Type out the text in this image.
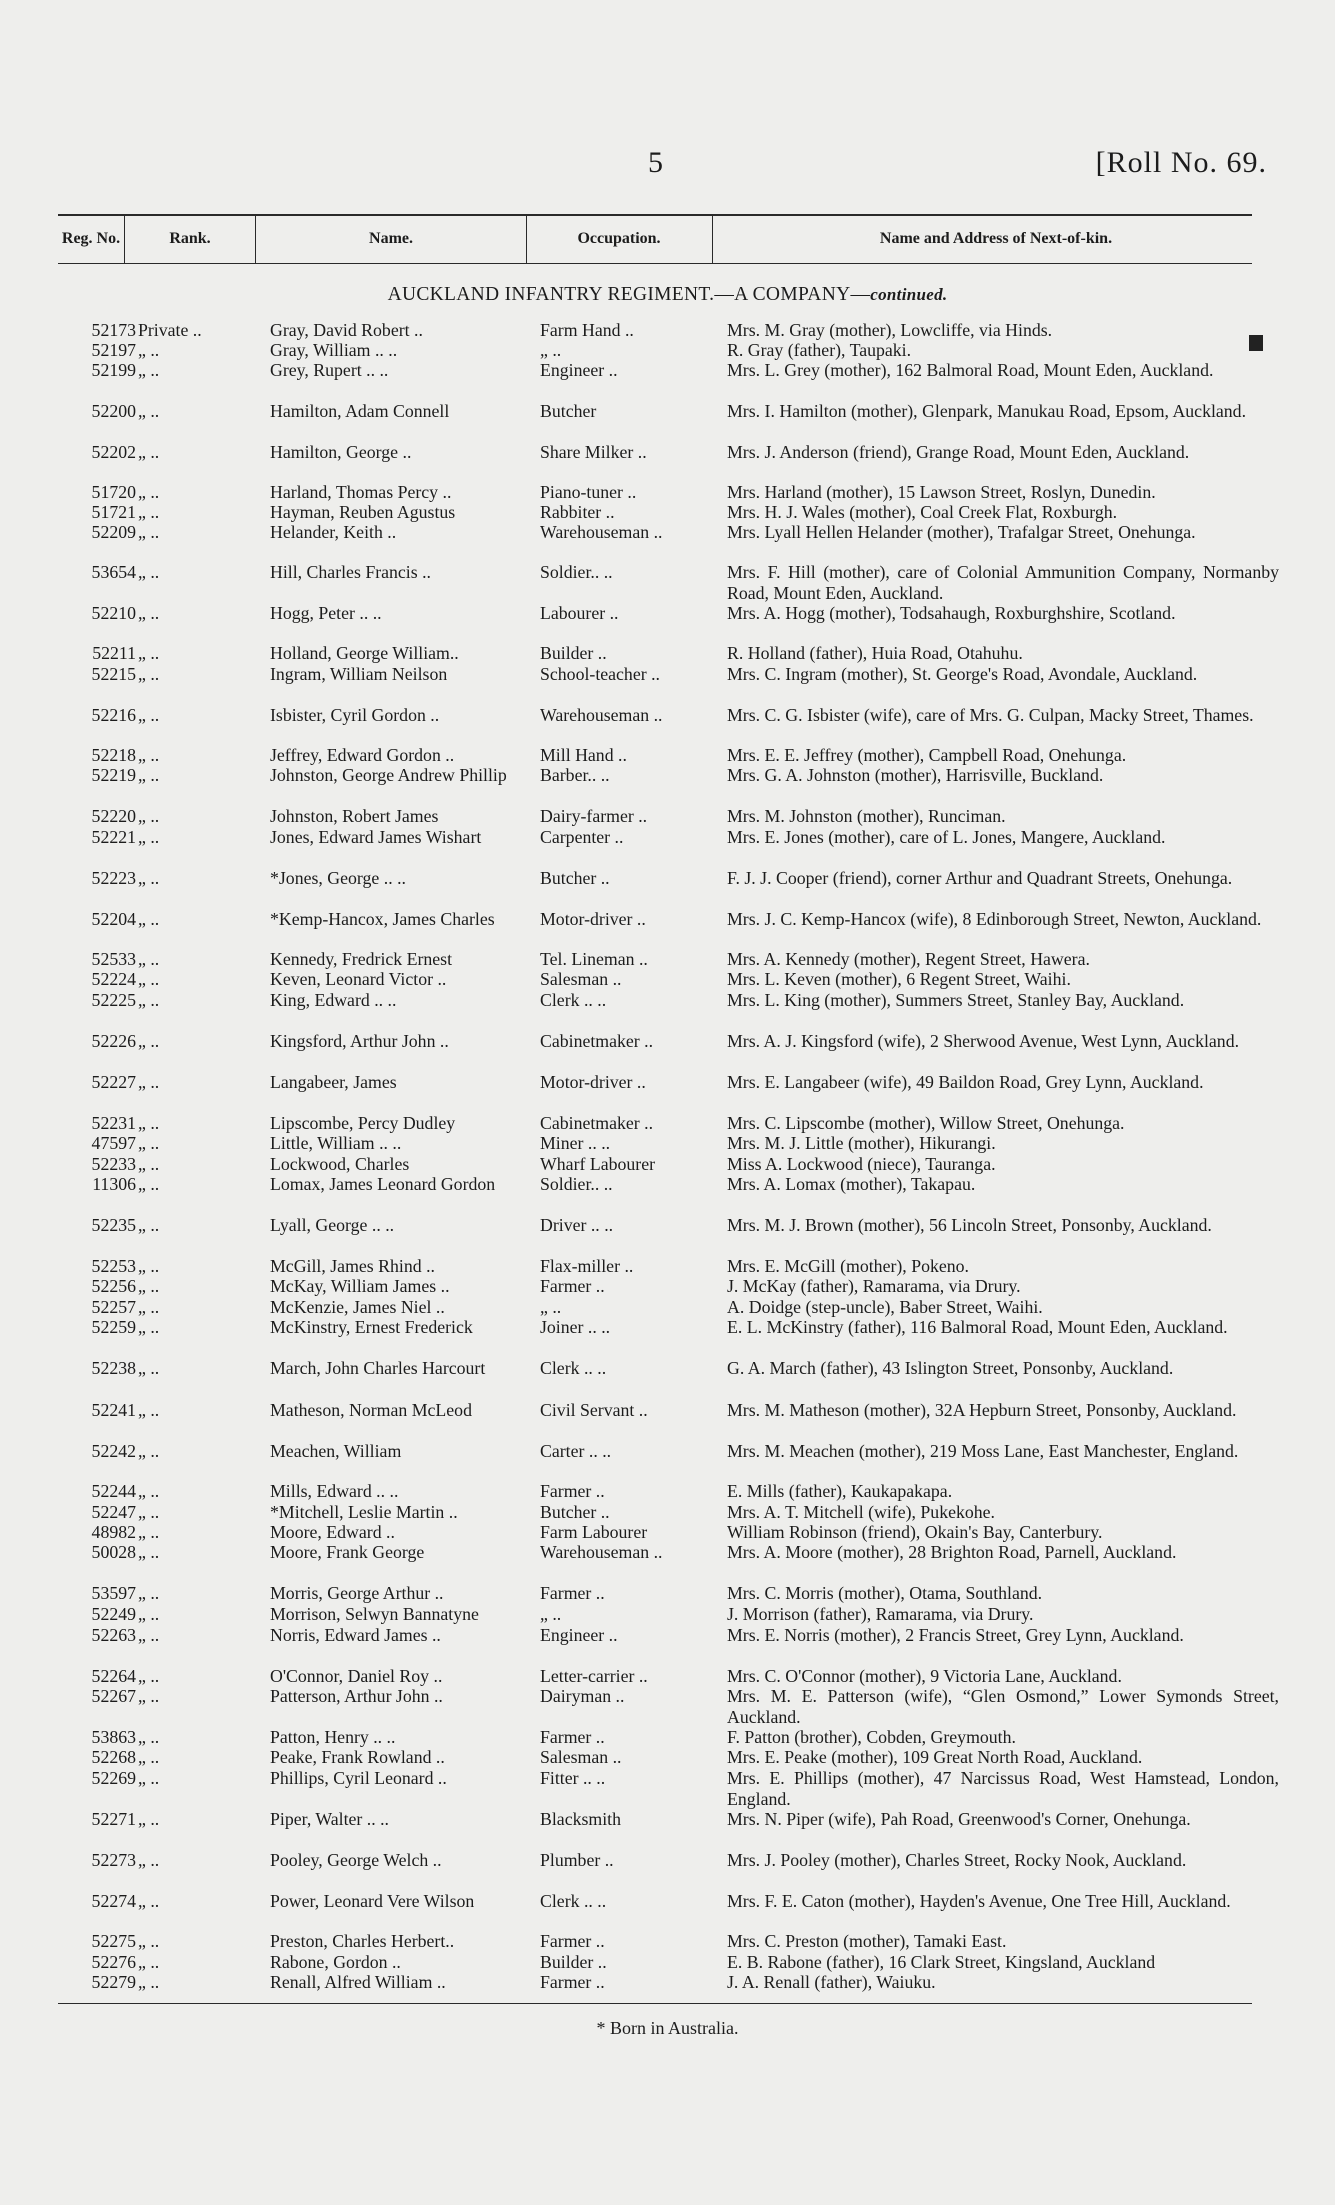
5	[Roll No. 69.
Reg. No.	Rank.	Name.	Occupation.	Name and Address of Next-of-kin.
AUCKLAND INFANTRY REGIMENT.—A COMPANY—continued.
52173 Private ..	Gray, David Robert ..	Farm Hand ..	Mrs. M. Gray (mother), Lowcliffe, via Hinds.
52197 „ ..	Gray, William .. ..	„ ..	R. Gray (father), Taupaki.
52199 „ ..	Grey, Rupert .. ..	Engineer ..	Mrs. L. Grey (mother), 162 Balmoral Road, Mount Eden, Auckland.
52200 „ ..	Hamilton, Adam Connell	Butcher	Mrs. I. Hamilton (mother), Glenpark, Manukau Road, Epsom, Auckland.
52202 „ ..	Hamilton, George ..	Share Milker ..	Mrs. J. Anderson (friend), Grange Road, Mount Eden, Auckland.
51720 „ ..	Harland, Thomas Percy ..	Piano-tuner ..	Mrs. Harland (mother), 15 Lawson Street, Roslyn, Dunedin.
51721 „ ..	Hayman, Reuben Agustus	Rabbiter ..	Mrs. H. J. Wales (mother), Coal Creek Flat, Roxburgh.
52209 „ ..	Helander, Keith ..	Warehouseman ..	Mrs. Lyall Hellen Helander (mother), Trafalgar Street, Onehunga.
53654 „ ..	Hill, Charles Francis ..	Soldier.. ..	Mrs. F. Hill (mother), care of Colonial Ammunition Company, Normanby Road, Mount Eden, Auckland.
52210 „ ..	Hogg, Peter .. ..	Labourer ..	Mrs. A. Hogg (mother), Todsahaugh, Roxburghshire, Scotland.
52211 „ ..	Holland, George William..	Builder ..	R. Holland (father), Huia Road, Otahuhu.
52215 „ ..	Ingram, William Neilson	School-teacher ..	Mrs. C. Ingram (mother), St. George's Road, Avondale, Auckland.
52216 „ ..	Isbister, Cyril Gordon ..	Warehouseman ..	Mrs. C. G. Isbister (wife), care of Mrs. G. Culpan, Macky Street, Thames.
52218 „ ..	Jeffrey, Edward Gordon ..	Mill Hand ..	Mrs. E. E. Jeffrey (mother), Campbell Road, Onehunga.
52219 „ ..	Johnston, George Andrew Phillip	Barber.. ..	Mrs. G. A. Johnston (mother), Harrisville, Buckland.
52220 „ ..	Johnston, Robert James	Dairy-farmer ..	Mrs. M. Johnston (mother), Runciman.
52221 „ ..	Jones, Edward James Wishart	Carpenter ..	Mrs. E. Jones (mother), care of L. Jones, Mangere, Auckland.
52223 „ ..	*Jones, George .. ..	Butcher ..	F. J. J. Cooper (friend), corner Arthur and Quadrant Streets, Onehunga.
52204 „ ..	*Kemp-Hancox, James Charles	Motor-driver ..	Mrs. J. C. Kemp-Hancox (wife), 8 Edinborough Street, Newton, Auckland.
52533 „ ..	Kennedy, Fredrick Ernest	Tel. Lineman ..	Mrs. A. Kennedy (mother), Regent Street, Hawera.
52224 „ ..	Keven, Leonard Victor ..	Salesman ..	Mrs. L. Keven (mother), 6 Regent Street, Waihi.
52225 „ ..	King, Edward .. ..	Clerk .. ..	Mrs. L. King (mother), Summers Street, Stanley Bay, Auckland.
52226 „ ..	Kingsford, Arthur John ..	Cabinetmaker ..	Mrs. A. J. Kingsford (wife), 2 Sherwood Avenue, West Lynn, Auckland.
52227 „ ..	Langabeer, James	Motor-driver ..	Mrs. E. Langabeer (wife), 49 Baildon Road, Grey Lynn, Auckland.
52231 „ ..	Lipscombe, Percy Dudley	Cabinetmaker ..	Mrs. C. Lipscombe (mother), Willow Street, Onehunga.
47597 „ ..	Little, William .. ..	Miner .. ..	Mrs. M. J. Little (mother), Hikurangi.
52233 „ ..	Lockwood, Charles	Wharf Labourer	Miss A. Lockwood (niece), Tauranga.
11306 „ ..	Lomax, James Leonard Gordon	Soldier.. ..	Mrs. A. Lomax (mother), Takapau.
52235 „ ..	Lyall, George .. ..	Driver .. ..	Mrs. M. J. Brown (mother), 56 Lincoln Street, Ponsonby, Auckland.
52253 „ ..	McGill, James Rhind ..	Flax-miller ..	Mrs. E. McGill (mother), Pokeno.
52256 „ ..	McKay, William James ..	Farmer ..	J. McKay (father), Ramarama, via Drury.
52257 „ ..	McKenzie, James Niel ..	„ ..	A. Doidge (step-uncle), Baber Street, Waihi.
52259 „ ..	McKinstry, Ernest Frederick	Joiner .. ..	E. L. McKinstry (father), 116 Balmoral Road, Mount Eden, Auckland.
52238 „ ..	March, John Charles Harcourt	Clerk .. ..	G. A. March (father), 43 Islington Street, Ponsonby, Auckland.
52241 „ ..	Matheson, Norman McLeod	Civil Servant ..	Mrs. M. Matheson (mother), 32A Hepburn Street, Ponsonby, Auckland.
52242 „ ..	Meachen, William	Carter .. ..	Mrs. M. Meachen (mother), 219 Moss Lane, East Manchester, England.
52244 „ ..	Mills, Edward .. ..	Farmer ..	E. Mills (father), Kaukapakapa.
52247 „ ..	*Mitchell, Leslie Martin ..	Butcher ..	Mrs. A. T. Mitchell (wife), Pukekohe.
48982 „ ..	Moore, Edward ..	Farm Labourer	William Robinson (friend), Okain's Bay, Canterbury.
50028 „ ..	Moore, Frank George	Warehouseman ..	Mrs. A. Moore (mother), 28 Brighton Road, Parnell, Auckland.
53597 „ ..	Morris, George Arthur ..	Farmer ..	Mrs. C. Morris (mother), Otama, Southland.
52249 „ ..	Morrison, Selwyn Bannatyne	„ ..	J. Morrison (father), Ramarama, via Drury.
52263 „ ..	Norris, Edward James ..	Engineer ..	Mrs. E. Norris (mother), 2 Francis Street, Grey Lynn, Auckland.
52264 „ ..	O'Connor, Daniel Roy ..	Letter-carrier ..	Mrs. C. O'Connor (mother), 9 Victoria Lane, Auckland.
52267 „ ..	Patterson, Arthur John ..	Dairyman ..	Mrs. M. E. Patterson (wife), “Glen Osmond,” Lower Symonds Street, Auckland.
53863 „ ..	Patton, Henry .. ..	Farmer ..	F. Patton (brother), Cobden, Greymouth.
52268 „ ..	Peake, Frank Rowland ..	Salesman ..	Mrs. E. Peake (mother), 109 Great North Road, Auckland.
52269 „ ..	Phillips, Cyril Leonard ..	Fitter .. ..	Mrs. E. Phillips (mother), 47 Narcissus Road, West Hamstead, London, England.
52271 „ ..	Piper, Walter .. ..	Blacksmith	Mrs. N. Piper (wife), Pah Road, Greenwood's Corner, Onehunga.
52273 „ ..	Pooley, George Welch ..	Plumber ..	Mrs. J. Pooley (mother), Charles Street, Rocky Nook, Auckland.
52274 „ ..	Power, Leonard Vere Wilson	Clerk .. ..	Mrs. F. E. Caton (mother), Hayden's Avenue, One Tree Hill, Auckland.
52275 „ ..	Preston, Charles Herbert..	Farmer ..	Mrs. C. Preston (mother), Tamaki East.
52276 „ ..	Rabone, Gordon ..	Builder ..	E. B. Rabone (father), 16 Clark Street, Kingsland, Auckland
52279 „ ..	Renall, Alfred William ..	Farmer ..	J. A. Renall (father), Waiuku.
* Born in Australia.
